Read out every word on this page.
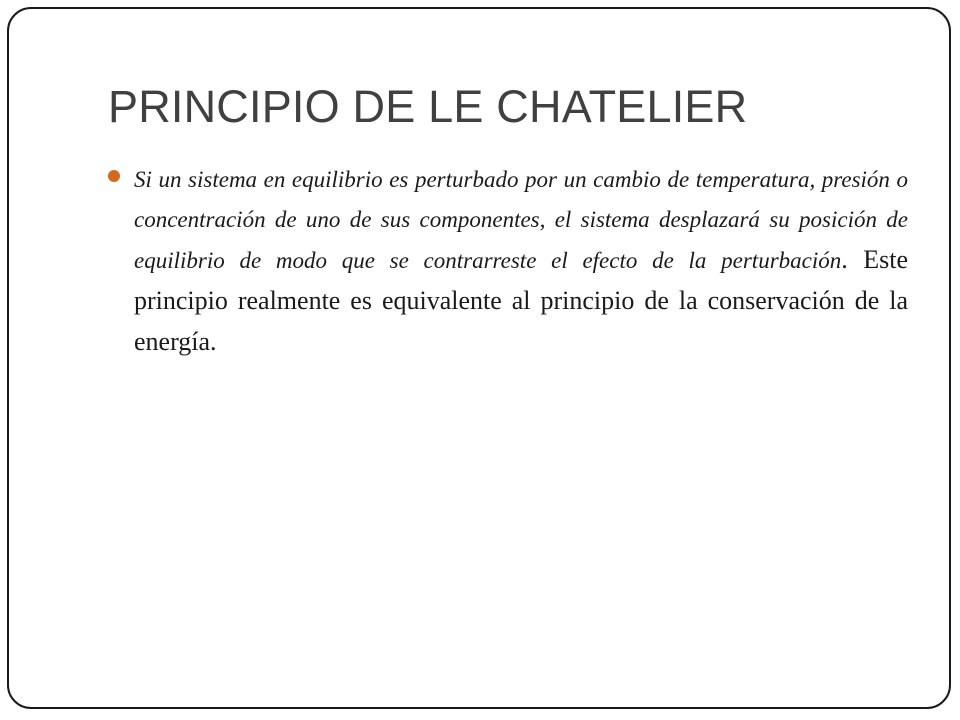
PRINCIPIO DE LE CHATELIER

Si un sistema en equilibrio es perturbado por un cambio de temperatura, presión o concentración de uno de sus componentes, el sistema desplazará su posición de equilibrio de modo que se contrarreste el efecto de la perturbación. Este principio realmente es equivalente al principio de la conservación de la energía.
